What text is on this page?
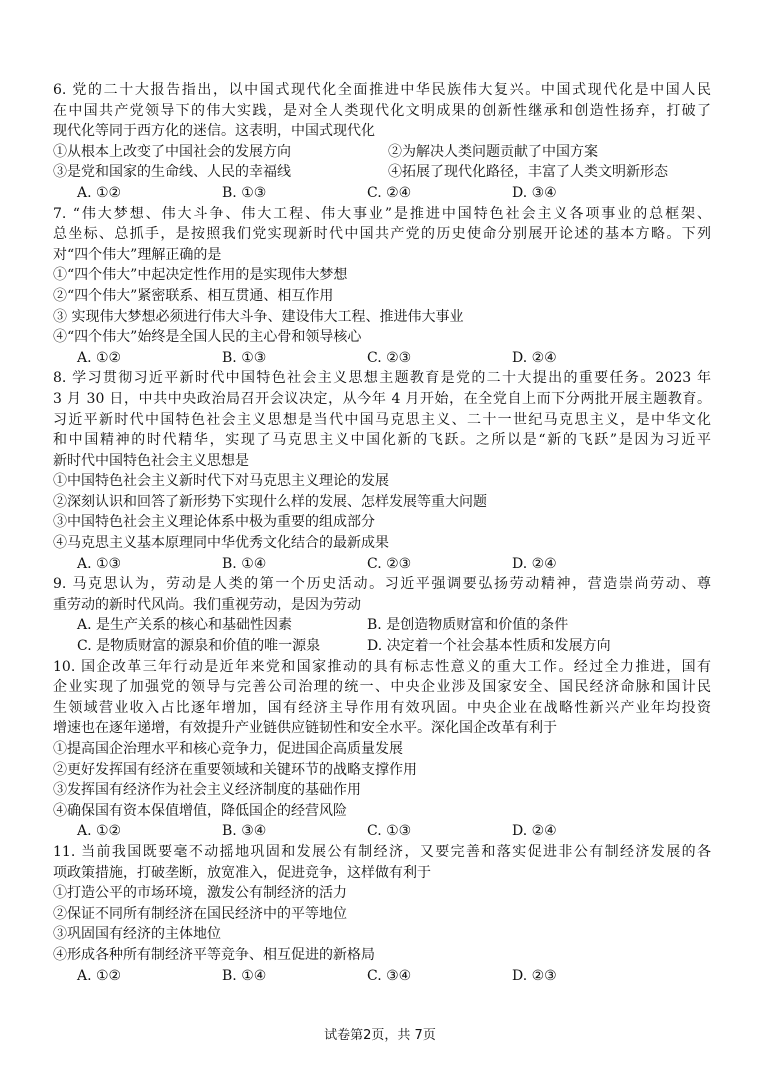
6. 党的二十大报告指出，以中国式现代化全面推进中华民族伟大复兴。中国式现代化是中国人民
在中国共产党领导下的伟大实践，是对全人类现代化文明成果的创新性继承和创造性扬弃，打破了
现代化等同于西方化的迷信。这表明，中国式现代化
①从根本上改变了中国社会的发展方向	②为解决人类问题贡献了中国方案
③是党和国家的生命线、人民的幸福线	④拓展了现代化路径，丰富了人类文明新形态
A. ①②	B. ①③	C. ②④	D. ③④
7. “伟大梦想、伟大斗争、伟大工程、伟大事业”是推进中国特色社会主义各项事业的总框架、
总坐标、总抓手，是按照我们党实现新时代中国共产党的历史使命分别展开论述的基本方略。下列
对“四个伟大”理解正确的是
①“四个伟大”中起决定性作用的是实现伟大梦想
②“四个伟大”紧密联系、相互贯通、相互作用
③ 实现伟大梦想必须进行伟大斗争、建设伟大工程、推进伟大事业
④“四个伟大”始终是全国人民的主心骨和领导核心
A. ①②	B. ①③	C. ②③	D. ②④
8. 学习贯彻习近平新时代中国特色社会主义思想主题教育是党的二十大提出的重要任务。2023 年
3 月 30 日，中共中央政治局召开会议决定，从今年 4 月开始，在全党自上而下分两批开展主题教育。
习近平新时代中国特色社会主义思想是当代中国马克思主义、二十一世纪马克思主义，是中华文化
和中国精神的时代精华，实现了马克思主义中国化新的飞跃。之所以是“新的飞跃”是因为习近平
新时代中国特色社会主义思想是
①中国特色社会主义新时代下对马克思主义理论的发展
②深刻认识和回答了新形势下实现什么样的发展、怎样发展等重大问题
③中国特色社会主义理论体系中极为重要的组成部分
④马克思主义基本原理同中华优秀文化结合的最新成果
A. ①③	B. ①④	C. ②③	D. ②④
9. 马克思认为，劳动是人类的第一个历史活动。习近平强调要弘扬劳动精神，营造崇尚劳动、尊
重劳动的新时代风尚。我们重视劳动，是因为劳动
A. 是生产关系的核心和基础性因素	B. 是创造物质财富和价值的条件
C. 是物质财富的源泉和价值的唯一源泉	D. 决定着一个社会基本性质和发展方向
10. 国企改革三年行动是近年来党和国家推动的具有标志性意义的重大工作。经过全力推进，国有
企业实现了加强党的领导与完善公司治理的统一、中央企业涉及国家安全、国民经济命脉和国计民
生领域营业收入占比逐年增加，国有经济主导作用有效巩固。中央企业在战略性新兴产业年均投资
增速也在逐年递增，有效提升产业链供应链韧性和安全水平。深化国企改革有利于
①提高国企治理水平和核心竞争力，促进国企高质量发展
②更好发挥国有经济在重要领域和关键环节的战略支撑作用
③发挥国有经济作为社会主义经济制度的基础作用
④确保国有资本保值增值，降低国企的经营风险
A. ①②	B. ③④	C. ①③	D. ②④
11. 当前我国既要毫不动摇地巩固和发展公有制经济，又要完善和落实促进非公有制经济发展的各
项政策措施，打破垄断，放宽准入，促进竞争，这样做有利于
①打造公平的市场环境，激发公有制经济的活力
②保证不同所有制经济在国民经济中的平等地位
③巩固国有经济的主体地位
④形成各种所有制经济平等竞争、相互促进的新格局
A. ①②	B. ①④	C. ③④	D. ②③
试卷第2页，共 7页
